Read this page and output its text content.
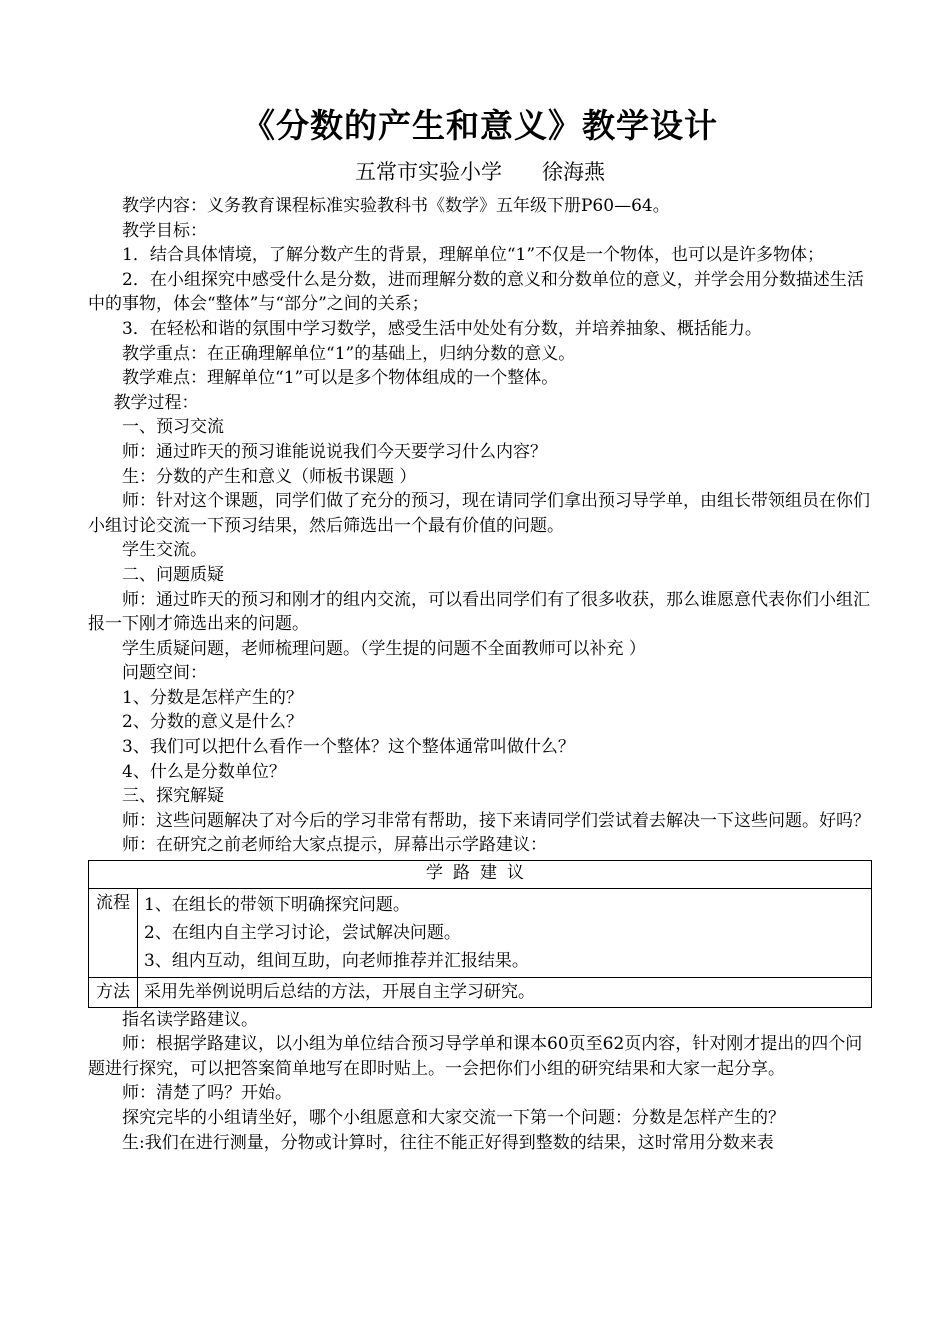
《分数的产生和意义》教学设计
五常市实验小学      徐海燕

教学内容：义务教育课程标准实验教科书《数学》五年级下册P60—64。

教学目标：

1．结合具体情境，了解分数产生的背景，理解单位“1”不仅是一个物体，也可以是许多物体；

2．在小组探究中感受什么是分数，进而理解分数的意义和分数单位的意义，并学会用分数描述生活中的事物，体会“整体”与“部分”之间的关系；

3．在轻松和谐的氛围中学习数学，感受生活中处处有分数，并培养抽象、概括能力。

教学重点：在正确理解单位“1”的基础上，归纳分数的意义。

教学难点：理解单位“1”可以是多个物体组成的一个整体。

教学过程：

一、预习交流

师：通过昨天的预习谁能说说我们今天要学习什么内容？

生：分数的产生和意义（师板书课题 ）

师：针对这个课题，同学们做了充分的预习，现在请同学们拿出预习导学单，由组长带领组员在你们小组讨论交流一下预习结果，然后筛选出一个最有价值的问题。

学生交流。

二、问题质疑

师：通过昨天的预习和刚才的组内交流，可以看出同学们有了很多收获，那么谁愿意代表你们小组汇报一下刚才筛选出来的问题。

学生质疑问题，老师梳理问题。（学生提的问题不全面教师可以补充 ）

问题空间：

1、分数是怎样产生的？

2、分数的意义是什么？

3、我们可以把什么看作一个整体？这个整体通常叫做什么？

4、什么是分数单位？

三、探究解疑

师：这些问题解决了对今后的学习非常有帮助，接下来请同学们尝试着去解决一下这些问题。好吗？

师：在研究之前老师给大家点提示，屏幕出示学路建议：

学路建议	
流程	1、在组长的带领下明确探究问题。
2、在组内自主学习讨论，尝试解决问题。
3、组内互动，组间互助，向老师推荐并汇报结果。

方法	采用先举例说明后总结的方法，开展自主学习研究。

指名读学路建议。

师：根据学路建议，以小组为单位结合预习导学单和课本60页至62页内容，针对刚才提出的四个问题进行探究，可以把答案简单地写在即时贴上。一会把你们小组的研究结果和大家一起分享。

师：清楚了吗？开始。

探究完毕的小组请坐好，哪个小组愿意和大家交流一下第一个问题：分数是怎样产生的？

生:我们在进行测量，分物或计算时，往往不能正好得到整数的结果，这时常用分数来表
